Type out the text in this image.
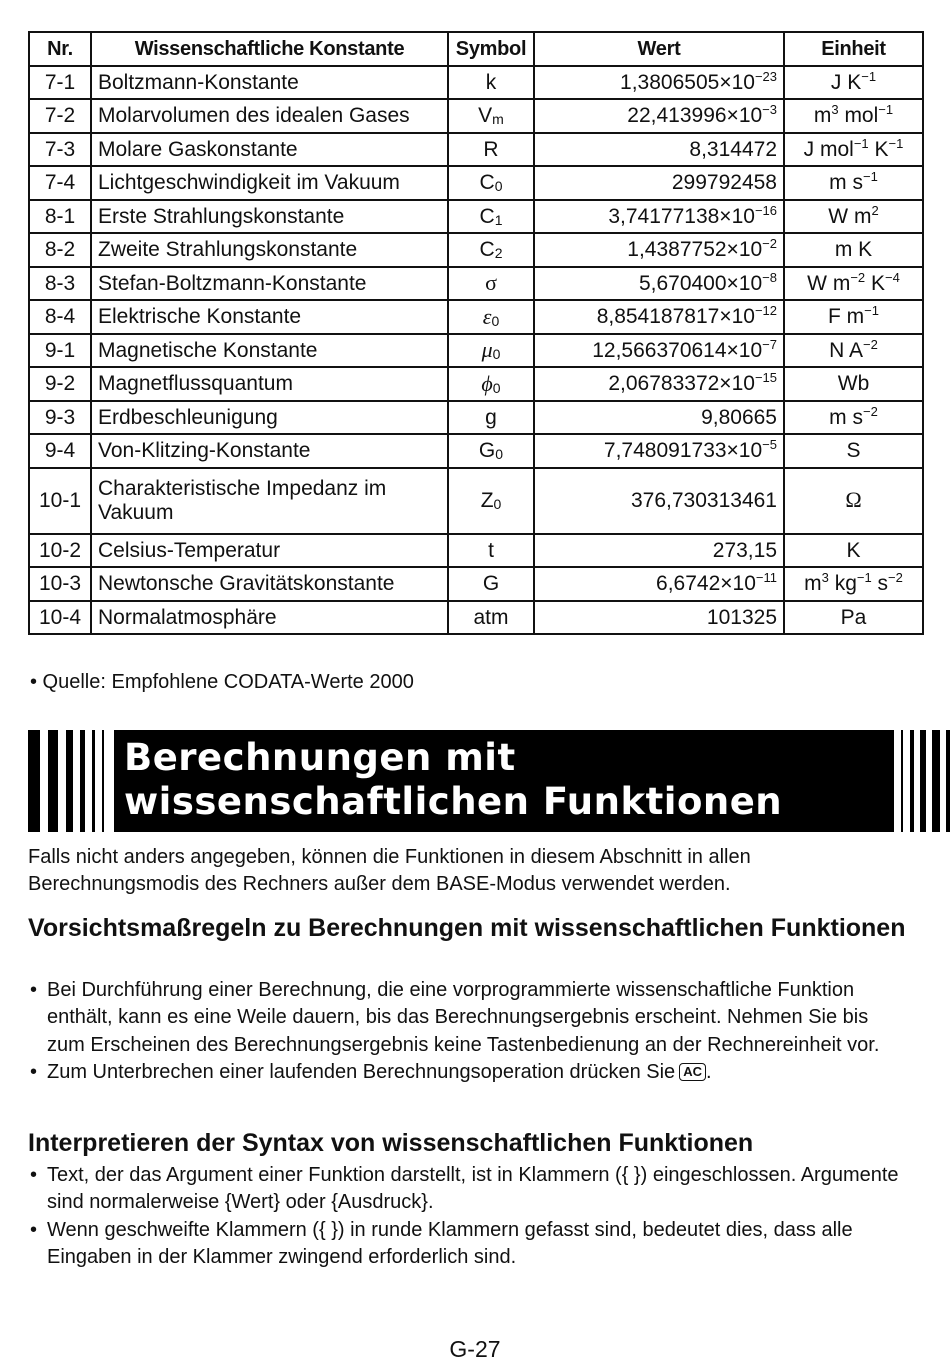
Nr.	Wissenschaftliche Konstante	Symbol	Wert	Einheit
7-1	Boltzmann-Konstante	k	$1,3806505\times 10^{-23}$	J $K^{-1}$
7-2	Molarvolumen des idealen Gases	Vm	$22,413996\times 10^{-3}$	$m^3$ mol$^{-1}$
7-3	Molare Gaskonstante	R	8,314472	J mol$^{-1}$ $K^{-1}$
7-4	Lichtgeschwindigkeit im Vakuum	C0	299792458	m $s^{-1}$
8-1	Erste Strahlungskonstante	C1	$3,74177138\times 10^{-16}$	W $m^2$
8-2	Zweite Strahlungskonstante	C2	$1,4387752\times 10^{-2}$	m K
8-3	Stefan-Boltzmann-Konstante	σ	$5,670400\times 10^{-8}$	W $m^{-2}$ $K^{-4}$
8-4	Elektrische Konstante	ε0	$8,854187817\times 10^{-12}$	F $m^{-1}$
9-1	Magnetische Konstante	μ0	$12,566370614\times 10^{-7}$	N $A^{-2}$
9-2	Magnetflussquantum	ϕ0	$2,06783372\times 10^{-15}$	Wb
9-3	Erdbeschleunigung	g	9,80665	m $s^{-2}$
9-4	Von-Klitzing-Konstante	G0	$7,748091733\times 10^{-5}$	S
10-1	Charakteristische Impedanz im Vakuum	Z0	376,730313461	Ω
10-2	Celsius-Temperatur	t	273,15	K
10-3	Newtonsche Gravitätskonstante	G	$6,6742\times 10^{-11}$	$m^3$ $kg^{-1}$ $s^{-2}$
10-4	Normalatmosphäre	atm	101325	Pa
• Quelle: Empfohlene CODATA-Werte 2000
Berechnungen mit
wissenschaftlichen Funktionen

Falls nicht anders angegeben, können die Funktionen in diesem Abschnitt in allen Berechnungsmodis des Rechners außer dem BASE-Modus verwendet werden.

Vorsichtsmaßregeln zu Berechnungen mit wissenschaftlichen Funktionen
• Bei Durchführung einer Berechnung, die eine vorprogrammierte wissenschaftliche Funktion enthält, kann es eine Weile dauern, bis das Berechnungsergebnis erscheint. Nehmen Sie bis zum Erscheinen des Berechnungsergebnis keine Tastenbedienung an der Rechnereinheit vor.
• Zum Unterbrechen einer laufenden Berechnungsoperation drücken Sie AC .
Interpretieren der Syntax von wissenschaftlichen Funktionen
• Text, der das Argument einer Funktion darstellt, ist in Klammern ({ }) eingeschlossen. Argumente sind normalerweise {Wert} oder {Ausdruck}.
• Wenn geschweifte Klammern ({ }) in runde Klammern gefasst sind, bedeutet dies, dass alle Eingaben in der Klammer zwingend erforderlich sind.
G-27
